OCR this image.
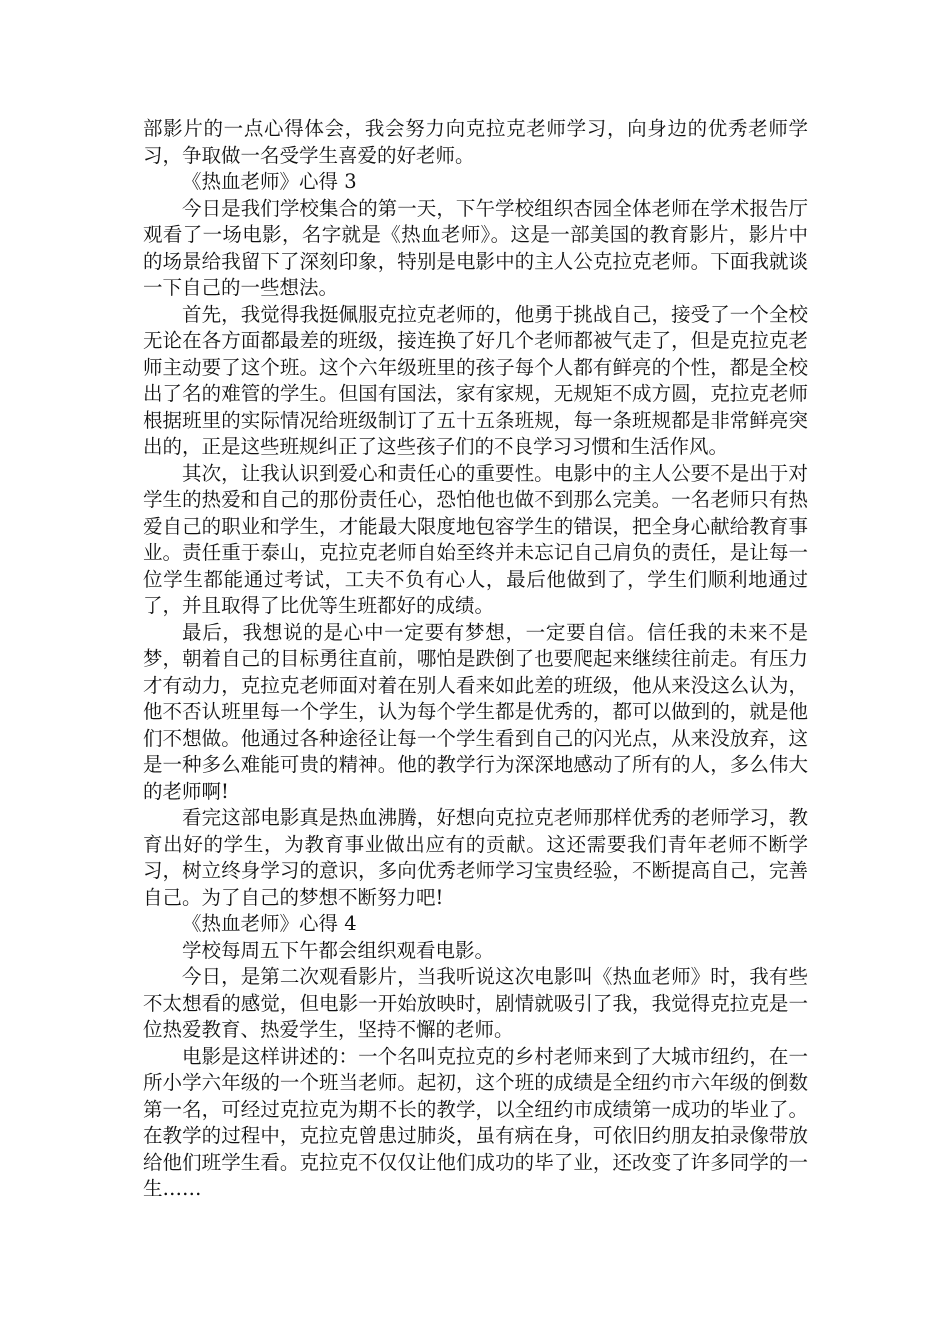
部影片的一点心得体会，我会努力向克拉克老师学习，向身边的优秀老师学习，争取做一名受学生喜爱的好老师。

《热血老师》心得 3

今日是我们学校集合的第一天，下午学校组织杏园全体老师在学术报告厅观看了一场电影，名字就是《热血老师》。这是一部美国的教育影片，影片中的场景给我留下了深刻印象，特别是电影中的主人公克拉克老师。下面我就谈一下自己的一些想法。

首先，我觉得我挺佩服克拉克老师的，他勇于挑战自己，接受了一个全校无论在各方面都最差的班级，接连换了好几个老师都被气走了，但是克拉克老师主动要了这个班。这个六年级班里的孩子每个人都有鲜亮的个性，都是全校出了名的难管的学生。但国有国法，家有家规，无规矩不成方圆，克拉克老师根据班里的实际情况给班级制订了五十五条班规，每一条班规都是非常鲜亮突出的，正是这些班规纠正了这些孩子们的不良学习习惯和生活作风。

其次，让我认识到爱心和责任心的重要性。电影中的主人公要不是出于对学生的热爱和自己的那份责任心，恐怕他也做不到那么完美。一名老师只有热爱自己的职业和学生，才能最大限度地包容学生的错误，把全身心献给教育事业。责任重于泰山，克拉克老师自始至终并未忘记自己肩负的责任，是让每一位学生都能通过考试，工夫不负有心人，最后他做到了，学生们顺利地通过了，并且取得了比优等生班都好的成绩。

最后，我想说的是心中一定要有梦想，一定要自信。信任我的未来不是梦，朝着自己的目标勇往直前，哪怕是跌倒了也要爬起来继续往前走。有压力才有动力，克拉克老师面对着在别人看来如此差的班级，他从来没这么认为，他不否认班里每一个学生，认为每个学生都是优秀的，都可以做到的，就是他们不想做。他通过各种途径让每一个学生看到自己的闪光点，从来没放弃，这是一种多么难能可贵的精神。他的教学行为深深地感动了所有的人，多么伟大的老师啊!

看完这部电影真是热血沸腾，好想向克拉克老师那样优秀的老师学习，教育出好的学生，为教育事业做出应有的贡献。这还需要我们青年老师不断学习，树立终身学习的意识，多向优秀老师学习宝贵经验，不断提高自己，完善自己。为了自己的梦想不断努力吧!

《热血老师》心得 4

学校每周五下午都会组织观看电影。

今日，是第二次观看影片，当我听说这次电影叫《热血老师》时，我有些不太想看的感觉，但电影一开始放映时，剧情就吸引了我，我觉得克拉克是一位热爱教育、热爱学生，坚持不懈的老师。

电影是这样讲述的：一个名叫克拉克的乡村老师来到了大城市纽约，在一所小学六年级的一个班当老师。起初，这个班的成绩是全纽约市六年级的倒数第一名，可经过克拉克为期不长的教学，以全纽约市成绩第一成功的毕业了。在教学的过程中，克拉克曾患过肺炎，虽有病在身，可依旧约朋友拍录像带放给他们班学生看。克拉克不仅仅让他们成功的毕了业，还改变了许多同学的一生……
